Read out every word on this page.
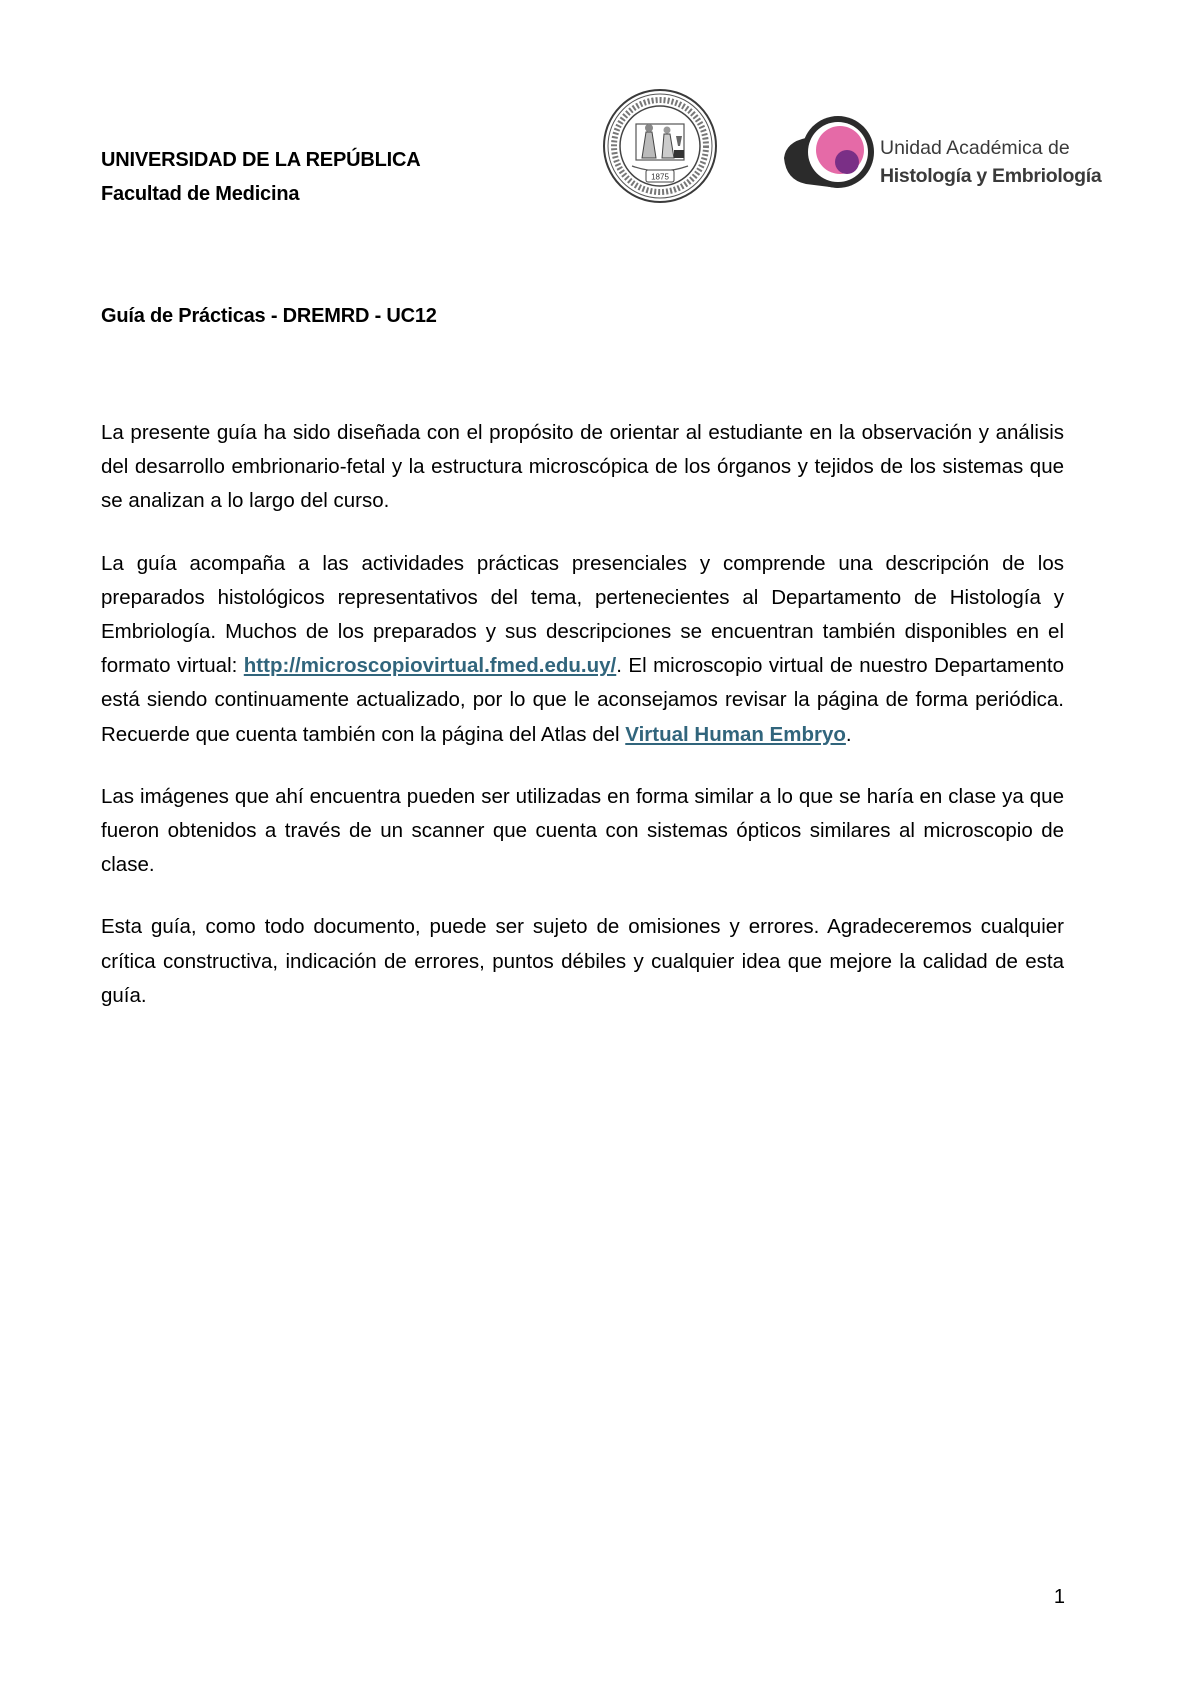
UNIVERSIDAD DE LA REPÚBLICA
Facultad de Medicina
1875
Unidad Académica de
Histología y Embriología
Guía de Prácticas - DREMRD - UC12

La presente guía ha sido diseñada con el propósito de orientar al estudiante en la observación y análisis del desarrollo embrionario-fetal y la estructura microscópica de los órganos y tejidos de los sistemas que se analizan a lo largo del curso.

La guía acompaña a las actividades prácticas presenciales y comprende una descripción de los preparados histológicos representativos del tema, pertenecientes al Departamento de Histología y Embriología. Muchos de los preparados y sus descripciones se encuentran también disponibles en el formato virtual: http://microscopiovirtual.fmed.edu.uy/. El microscopio virtual de nuestro Departamento está siendo continuamente actualizado, por lo que le aconsejamos revisar la página de forma periódica. Recuerde que cuenta también con la página del Atlas del Virtual Human Embryo.

Las imágenes que ahí encuentra pueden ser utilizadas en forma similar a lo que se haría en clase ya que fueron obtenidos a través de un scanner que cuenta con sistemas ópticos similares al microscopio de clase.

Esta guía, como todo documento, puede ser sujeto de omisiones y errores. Agradeceremos cualquier crítica constructiva, indicación de errores, puntos débiles y cualquier idea que mejore la calidad de esta guía.

1
